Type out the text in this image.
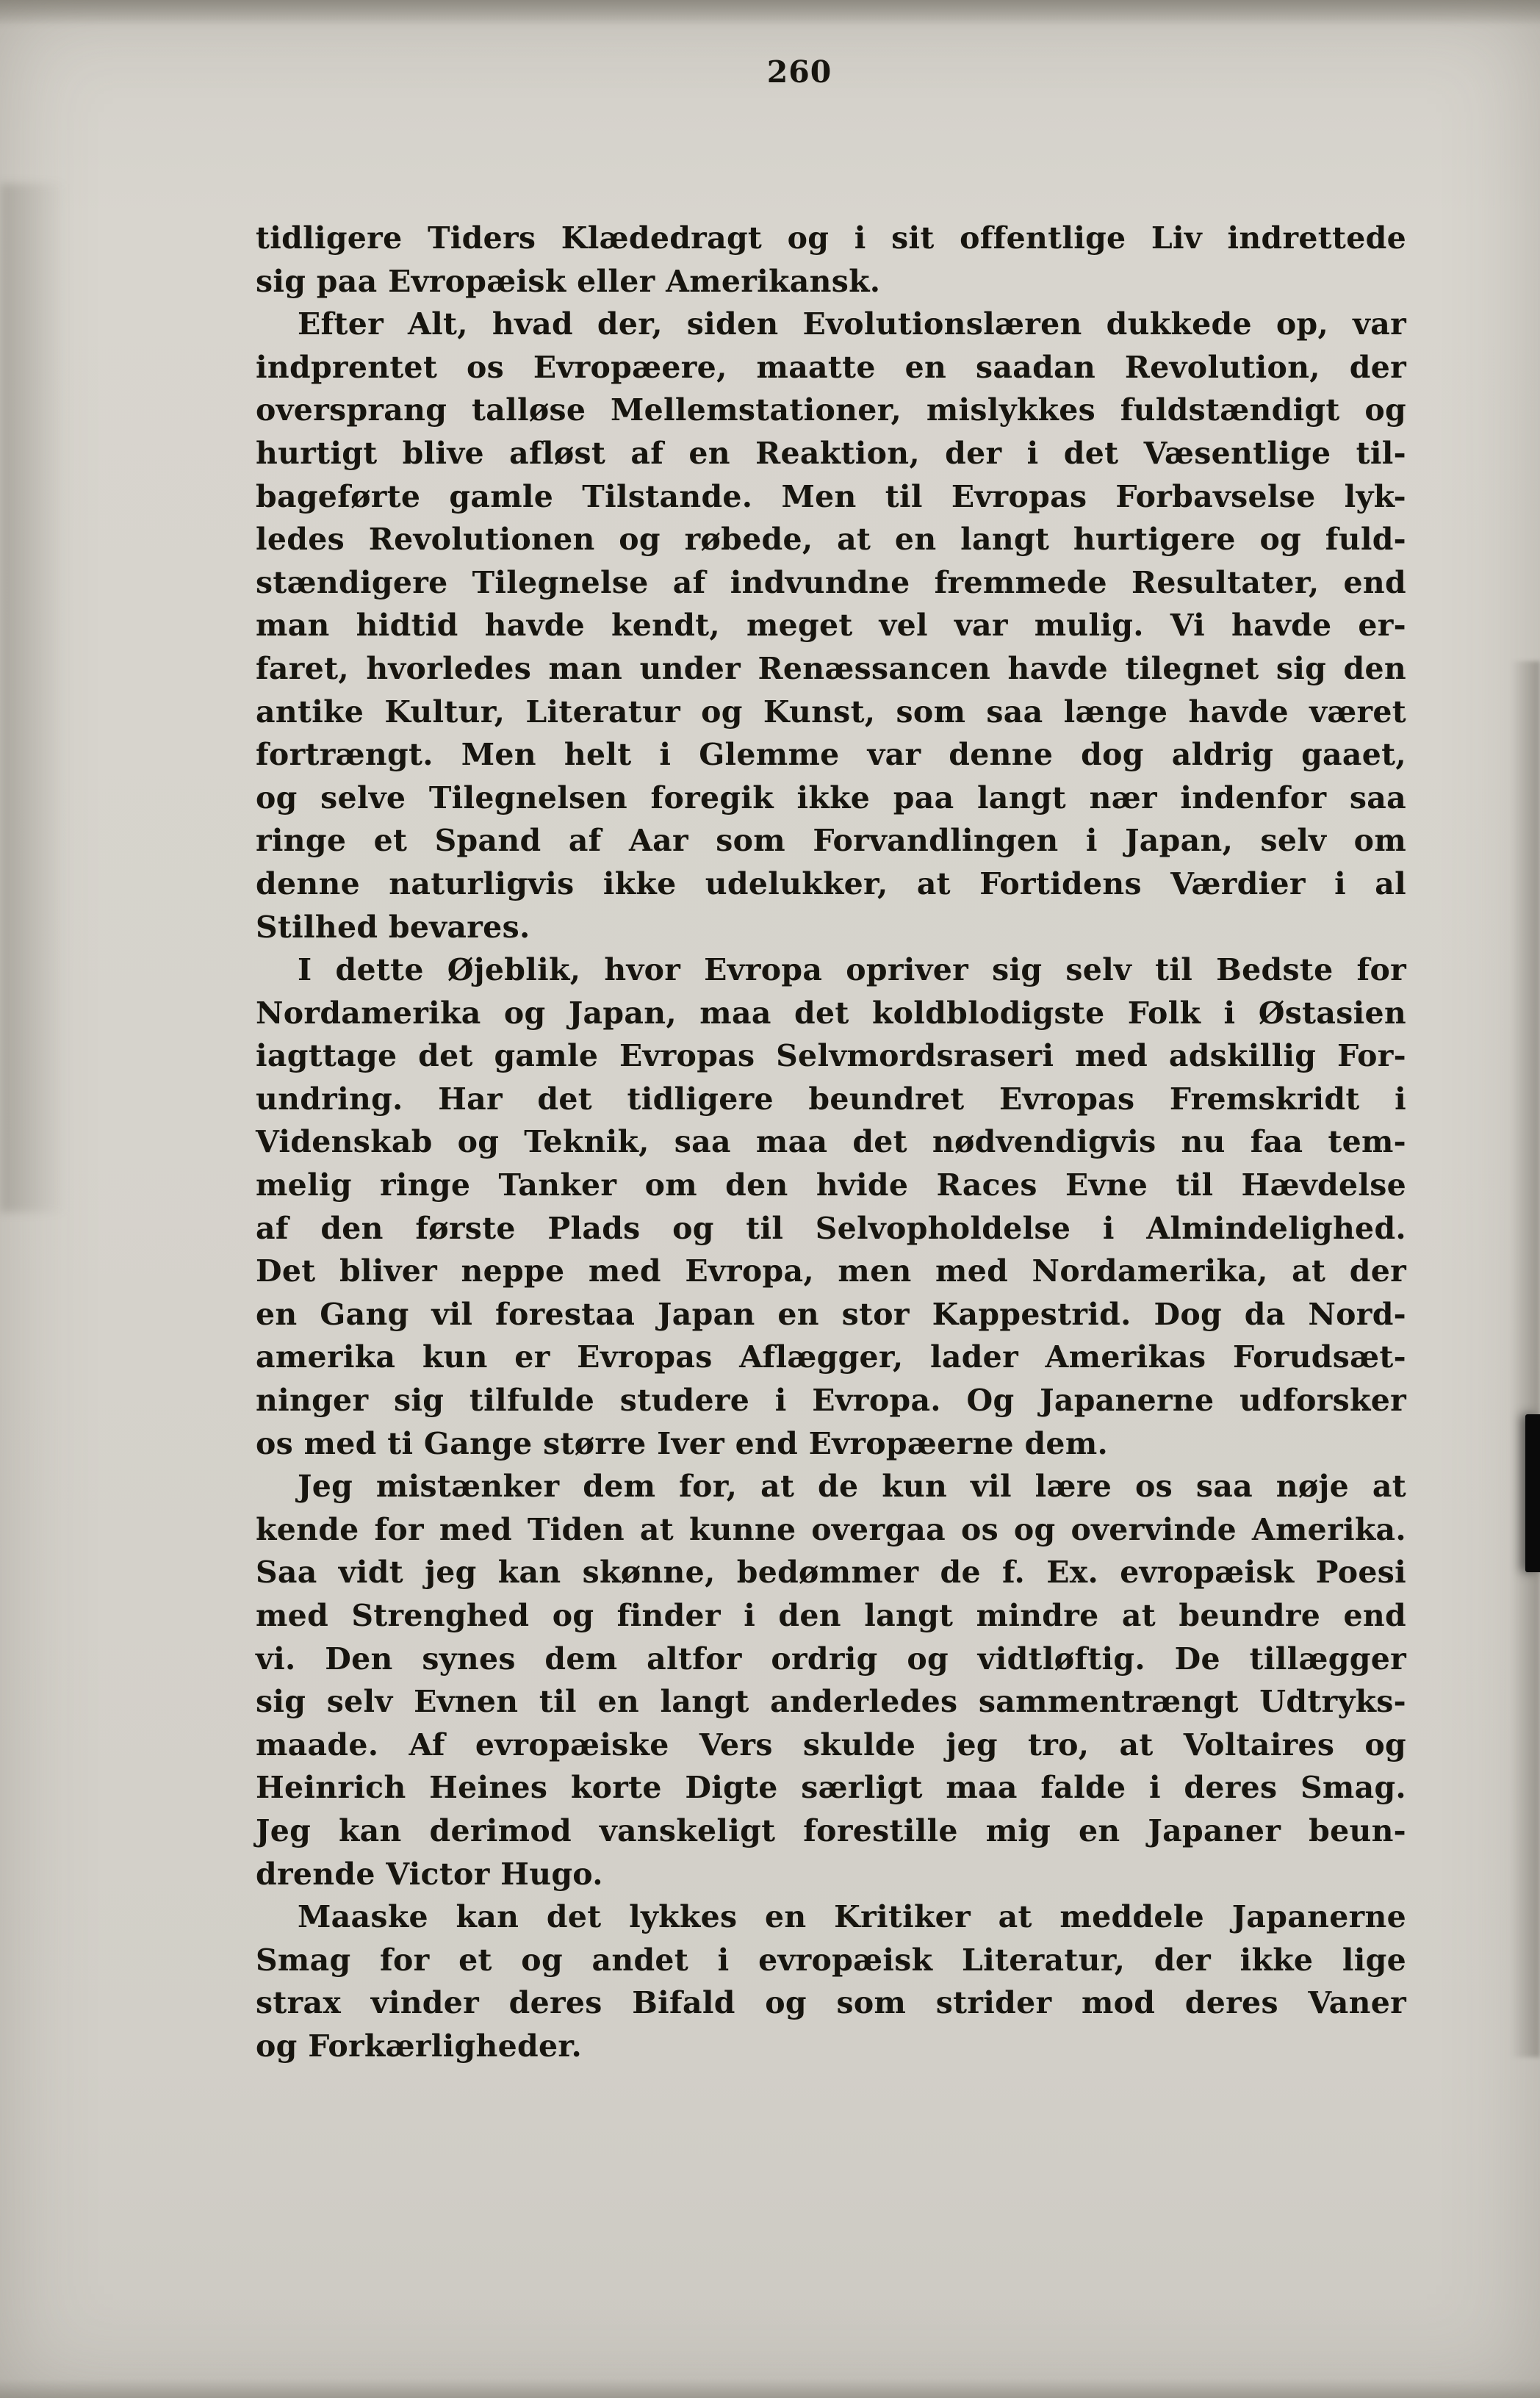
260
tidligere Tiders Klædedragt og i sit offentlige Liv indrettede
sig paa Evropæisk eller Amerikansk.
Efter Alt, hvad der, siden Evolutionslæren dukkede op, var
indprentet os Evropæere, maatte en saadan Revolution, der
oversprang talløse Mellemstationer, mislykkes fuldstændigt og
hurtigt blive afløst af en Reaktion, der i det Væsentlige til-
bageførte gamle Tilstande. Men til Evropas Forbavselse lyk-
ledes Revolutionen og røbede, at en langt hurtigere og fuld-
stændigere Tilegnelse af indvundne fremmede Resultater, end
man hidtid havde kendt, meget vel var mulig. Vi havde er-
faret, hvorledes man under Renæssancen havde tilegnet sig den
antike Kultur, Literatur og Kunst, som saa længe havde været
fortrængt. Men helt i Glemme var denne dog aldrig gaaet,
og selve Tilegnelsen foregik ikke paa langt nær indenfor saa
ringe et Spand af Aar som Forvandlingen i Japan, selv om
denne naturligvis ikke udelukker, at Fortidens Værdier i al
Stilhed bevares.
I dette Øjeblik, hvor Evropa opriver sig selv til Bedste for
Nordamerika og Japan, maa det koldblodigste Folk i Østasien
iagttage det gamle Evropas Selvmordsraseri med adskillig For-
undring. Har det tidligere beundret Evropas Fremskridt i
Videnskab og Teknik, saa maa det nødvendigvis nu faa tem-
melig ringe Tanker om den hvide Races Evne til Hævdelse
af den første Plads og til Selvopholdelse i Almindelighed.
Det bliver neppe med Evropa, men med Nordamerika, at der
en Gang vil forestaa Japan en stor Kappestrid. Dog da Nord-
amerika kun er Evropas Aflægger, lader Amerikas Forudsæt-
ninger sig tilfulde studere i Evropa. Og Japanerne udforsker
os med ti Gange større Iver end Evropæerne dem.
Jeg mistænker dem for, at de kun vil lære os saa nøje at
kende for med Tiden at kunne overgaa os og overvinde Amerika.
Saa vidt jeg kan skønne, bedømmer de f. Ex. evropæisk Poesi
med Strenghed og finder i den langt mindre at beundre end
vi. Den synes dem altfor ordrig og vidtløftig. De tillægger
sig selv Evnen til en langt anderledes sammentrængt Udtryks-
maade. Af evropæiske Vers skulde jeg tro, at Voltaires og
Heinrich Heines korte Digte særligt maa falde i deres Smag.
Jeg kan derimod vanskeligt forestille mig en Japaner beun-
drende Victor Hugo.
Maaske kan det lykkes en Kritiker at meddele Japanerne
Smag for et og andet i evropæisk Literatur, der ikke lige
strax vinder deres Bifald og som strider mod deres Vaner
og Forkærligheder.
